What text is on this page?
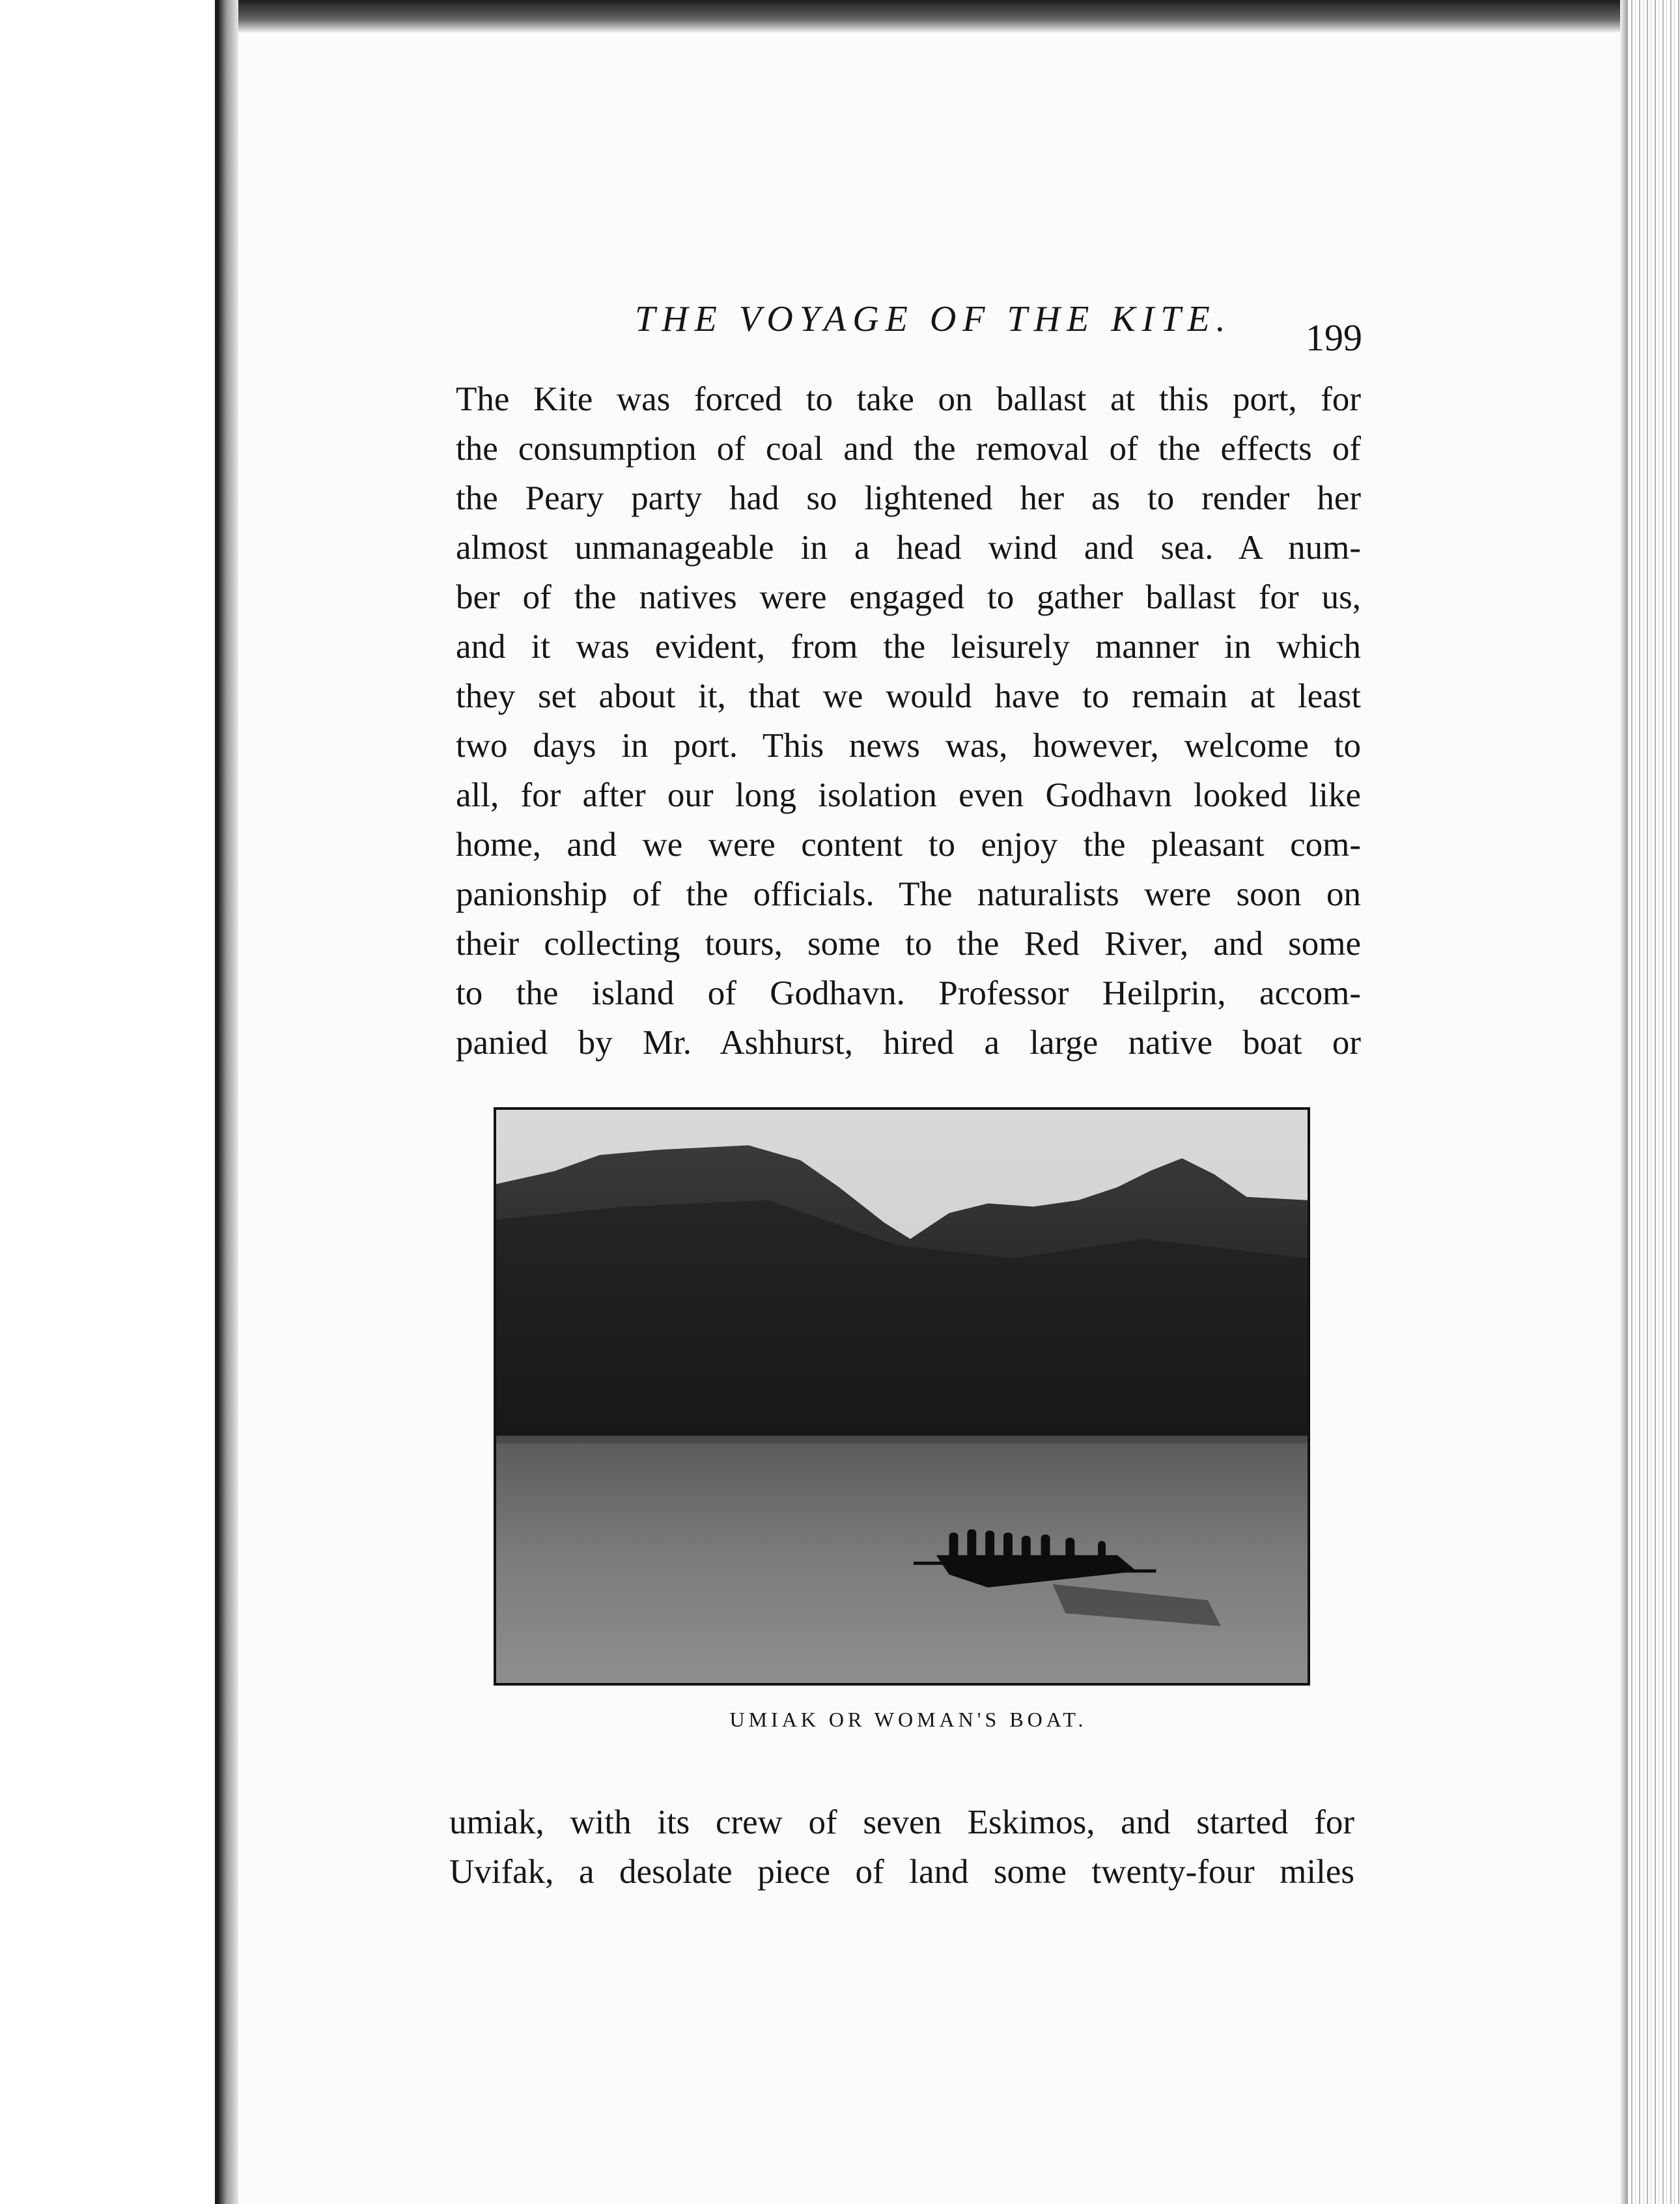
THE VOYAGE OF THE KITE. 199
The Kite was forced to take on ballast at this port, for
the consumption of coal and the removal of the effects of
the Peary party had so lightened her as to render her
almost unmanageable in a head wind and sea. A num-
ber of the natives were engaged to gather ballast for us,
and it was evident, from the leisurely manner in which
they set about it, that we would have to remain at least
two days in port. This news was, however, welcome to
all, for after our long isolation even Godhavn looked like
home, and we were content to enjoy the pleasant com-
panionship of the officials. The naturalists were soon on
their collecting tours, some to the Red River, and some
to the island of Godhavn. Professor Heilprin, accom-
panied by Mr. Ashhurst, hired a large native boat or
UMIAK OR WOMAN'S BOAT.
umiak, with its crew of seven Eskimos, and started for
Uvifak, a desolate piece of land some twenty-four miles
